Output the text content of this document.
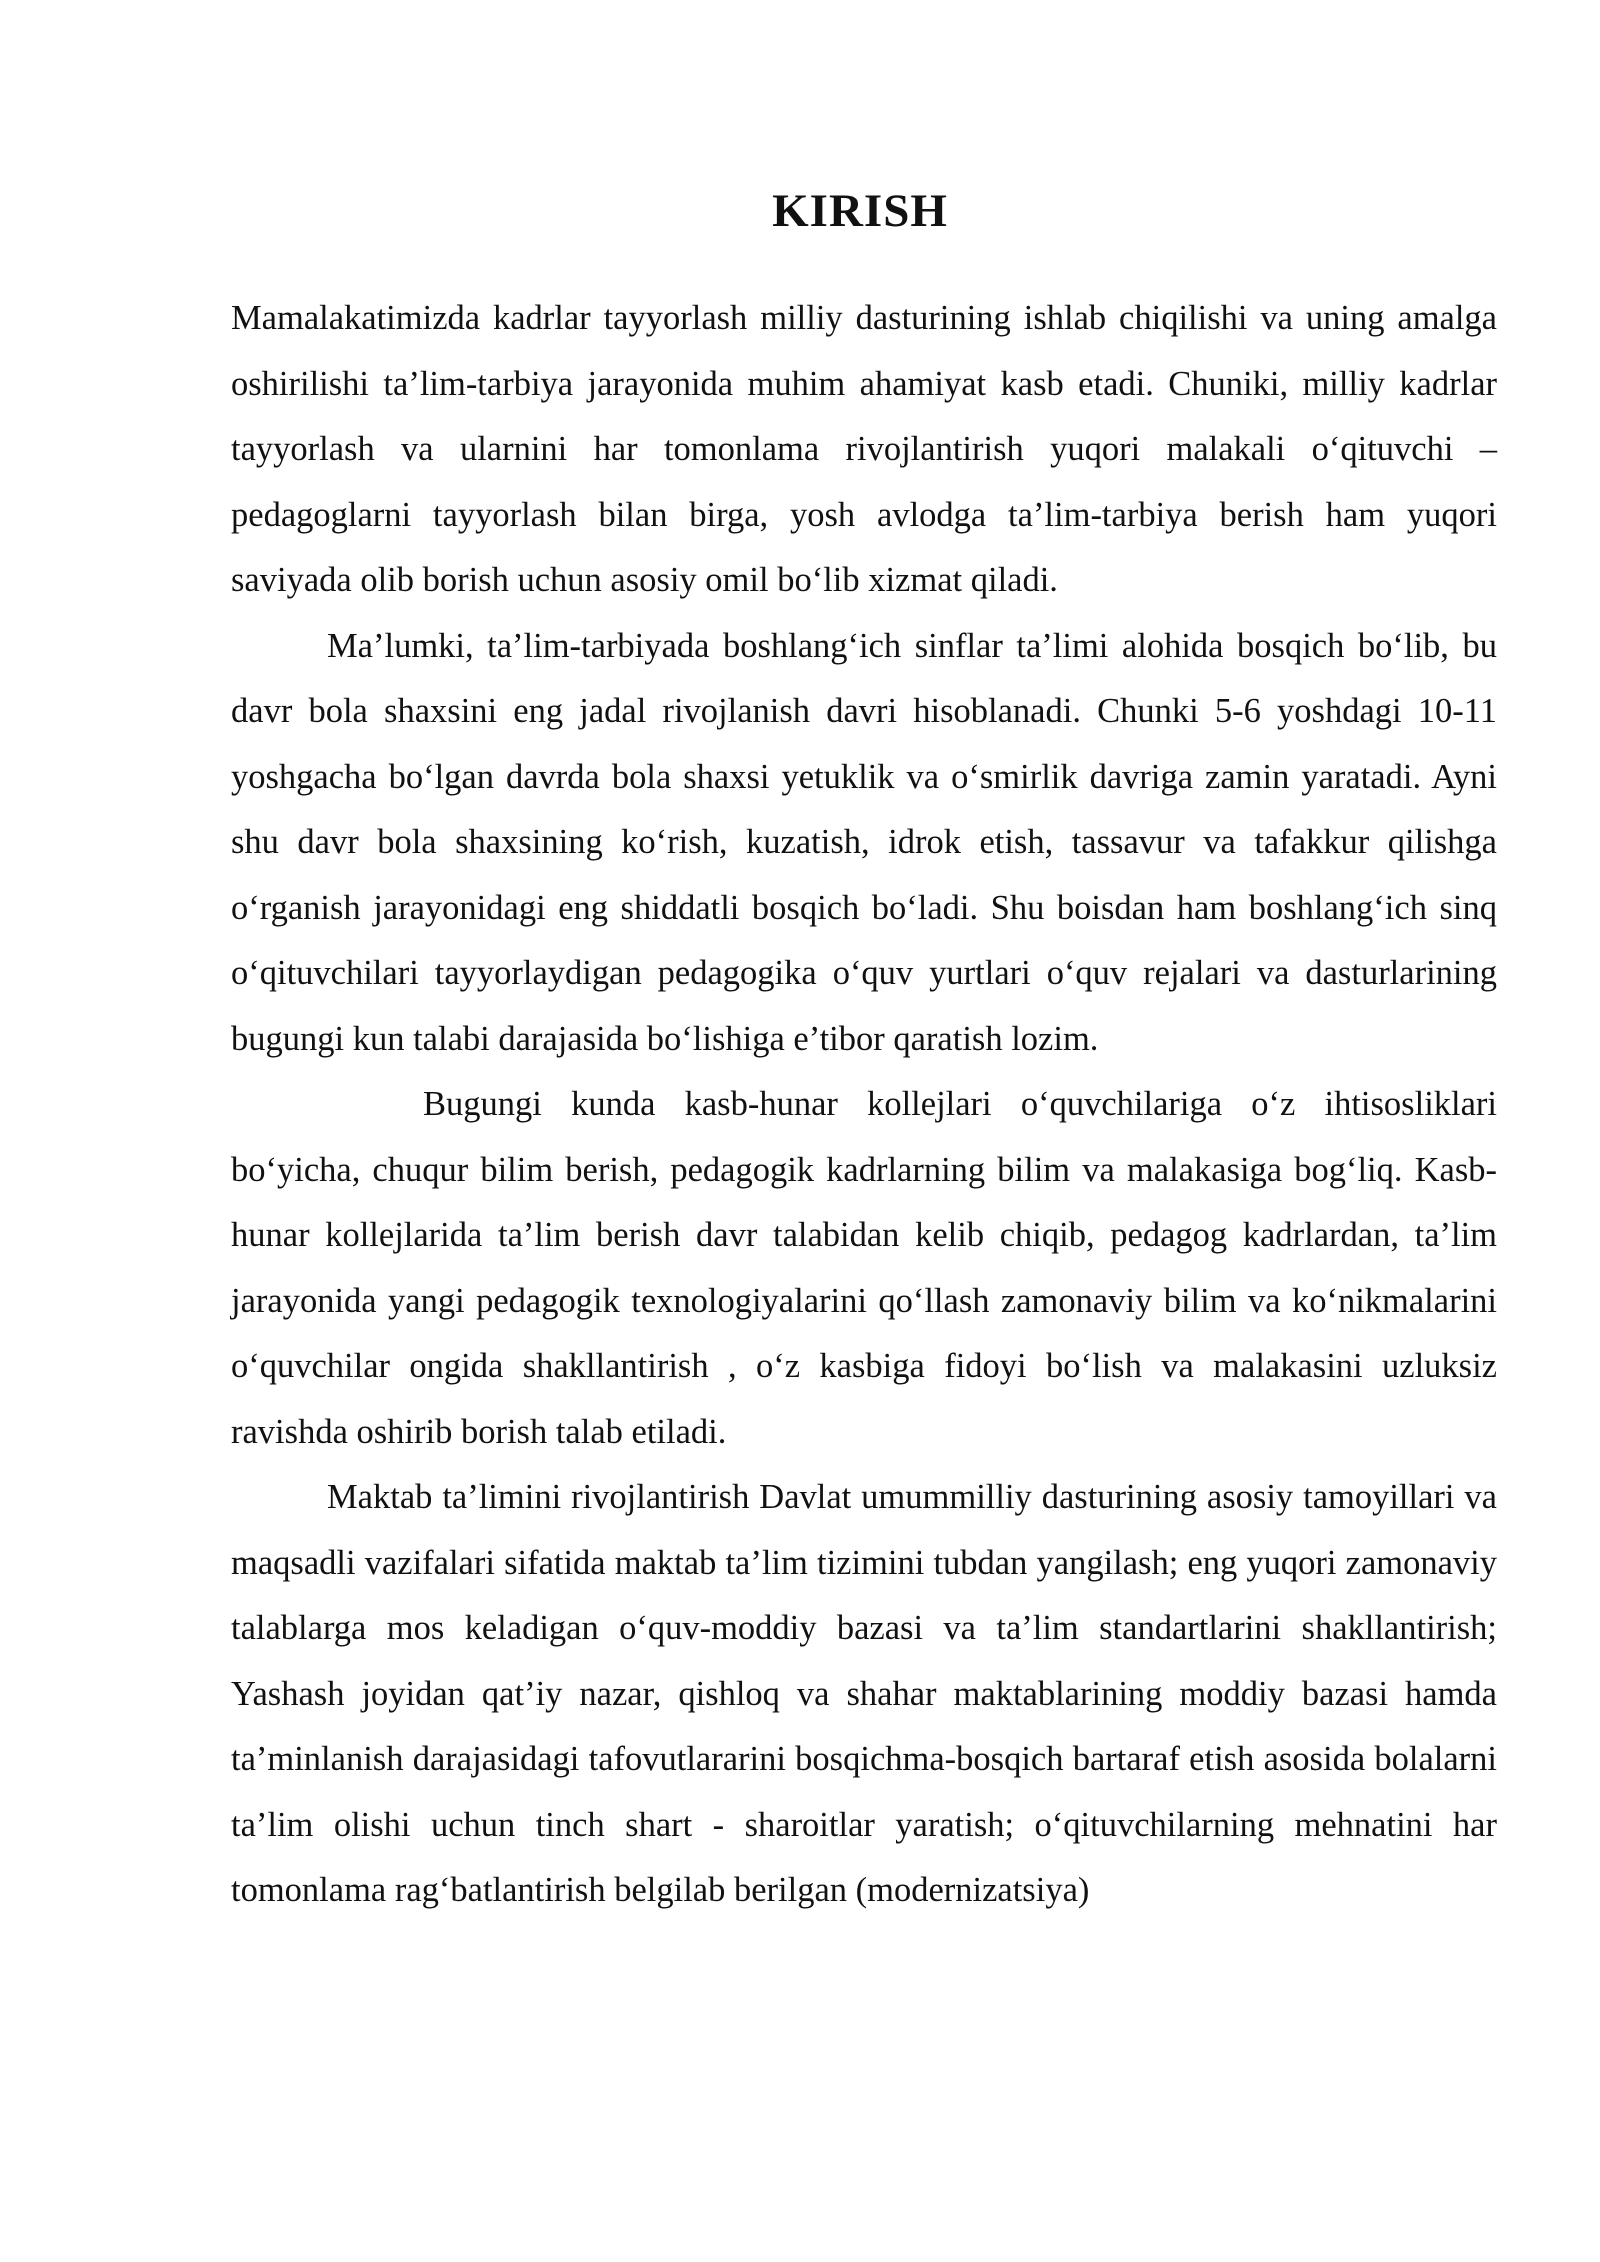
KIRISH

Mamalakatimizda kadrlar tayyorlash milliy dasturining ishlab chiqilishi va uning amalga oshirilishi ta’lim-tarbiya jarayonida muhim ahamiyat kasb etadi. Chuniki, milliy kadrlar tayyorlash va ularnini har tomonlama rivojlantirish yuqori malakali o‘qituvchi –pedagoglarni tayyorlash bilan birga, yosh avlodga ta’lim-tarbiya berish ham yuqori saviyada olib borish uchun asosiy omil bo‘lib xizmat qiladi.

Ma’lumki, ta’lim-tarbiyada boshlang‘ich sinflar ta’limi alohida bosqich bo‘lib, bu davr bola shaxsini eng jadal rivojlanish davri hisoblanadi. Chunki 5-6 yoshdagi 10-11 yoshgacha bo‘lgan davrda bola shaxsi yetuklik va o‘smirlik davriga zamin yaratadi. Ayni shu davr bola shaxsining ko‘rish, kuzatish, idrok etish, tassavur va tafakkur qilishga o‘rganish jarayonidagi eng shiddatli bosqich bo‘ladi. Shu boisdan ham boshlang‘ich sinq o‘qituvchilari tayyorlaydigan pedagogika o‘quv yurtlari o‘quv rejalari va dasturlarining bugungi kun talabi darajasida bo‘lishiga e’tibor qaratish lozim.

Bugungi kunda kasb-hunar kollejlari o‘quvchilariga o‘z ihtisosliklari bo‘yicha, chuqur bilim berish, pedagogik kadrlarning bilim va malakasiga bog‘liq. Kasb-hunar kollejlarida ta’lim berish davr talabidan kelib chiqib, pedagog kadrlardan, ta’lim jarayonida yangi pedagogik texnologiyalarini qo‘llash zamonaviy bilim va ko‘nikmalarini o‘quvchilar ongida shakllantirish , o‘z kasbiga fidoyi bo‘lish va malakasini uzluksiz ravishda oshirib borish talab etiladi.

Maktab ta’limini rivojlantirish Davlat umummilliy dasturining asosiy tamoyillari va maqsadli vazifalari sifatida maktab ta’lim tizimini tubdan yangilash; eng yuqori zamonaviy talablarga mos keladigan o‘quv-moddiy bazasi va ta’lim standartlarini shakllantirish; Yashash joyidan qat’iy nazar, qishloq va shahar maktablarining moddiy bazasi hamda ta’minlanish darajasidagi tafovutlararini bosqichma-bosqich bartaraf etish asosida bolalarni ta’lim olishi uchun tinch shart - sharoitlar yaratish; o‘qituvchilarning mehnatini har tomonlama rag‘batlantirish belgilab berilgan (modernizatsiya)
